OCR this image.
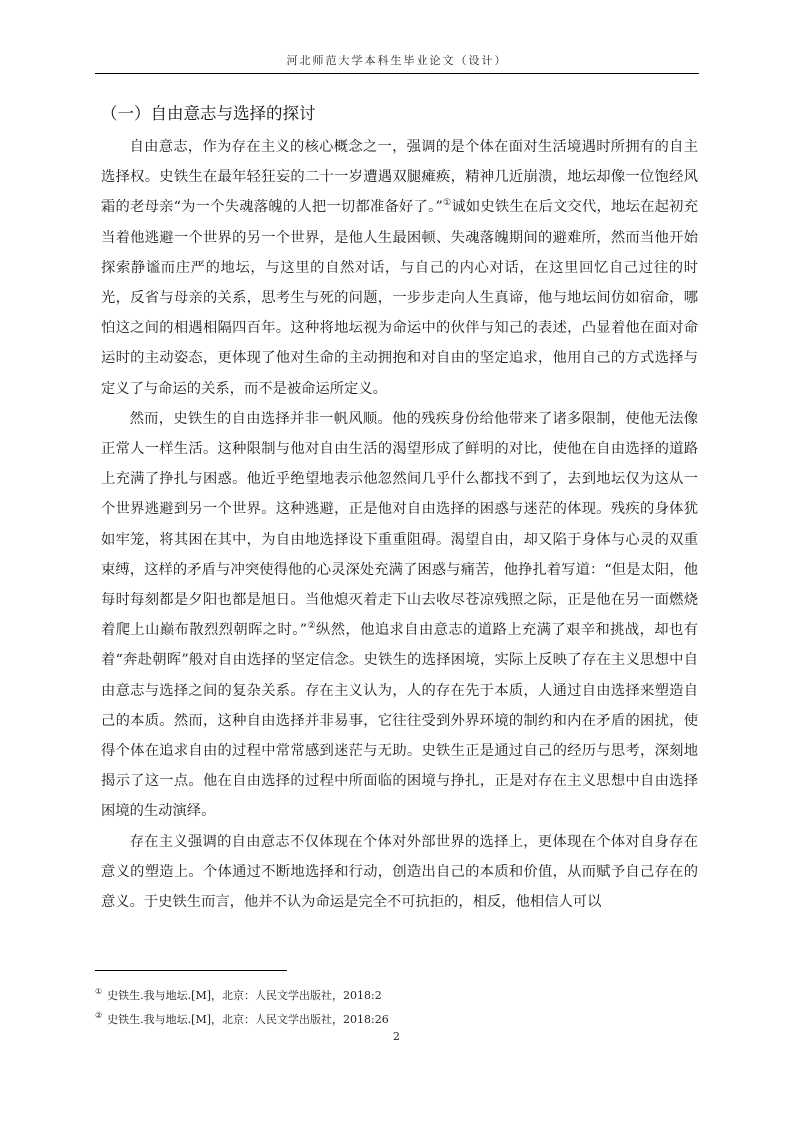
河北师范大学本科生毕业论文（设计）
（一）自由意志与选择的探讨

自由意志，作为存在主义的核心概念之一，强调的是个体在面对生活境遇时所拥有的自主选择权。史铁生在最年轻狂妄的二十一岁遭遇双腿瘫痪，精神几近崩溃，地坛却像一位饱经风霜的老母亲“为一个失魂落魄的人把一切都准备好了。”①诚如史铁生在后文交代，地坛在起初充当着他逃避一个世界的另一个世界，是他人生最困顿、失魂落魄期间的避难所，然而当他开始探索静谧而庄严的地坛，与这里的自然对话，与自己的内心对话，在这里回忆自己过往的时光，反省与母亲的关系，思考生与死的问题，一步步走向人生真谛，他与地坛间仿如宿命，哪怕这之间的相遇相隔四百年。这种将地坛视为命运中的伙伴与知己的表述，凸显着他在面对命运时的主动姿态，更体现了他对生命的主动拥抱和对自由的坚定追求，他用自己的方式选择与定义了与命运的关系，而不是被命运所定义。

然而，史铁生的自由选择并非一帆风顺。他的残疾身份给他带来了诸多限制，使他无法像正常人一样生活。这种限制与他对自由生活的渴望形成了鲜明的对比，使他在自由选择的道路上充满了挣扎与困惑。他近乎绝望地表示他忽然间几乎什么都找不到了，去到地坛仅为这从一个世界逃避到另一个世界。这种逃避，正是他对自由选择的困惑与迷茫的体现。残疾的身体犹如牢笼，将其困在其中，为自由地选择设下重重阻碍。渴望自由，却又陷于身体与心灵的双重束缚，这样的矛盾与冲突使得他的心灵深处充满了困惑与痛苦，他挣扎着写道：“但是太阳，他每时每刻都是夕阳也都是旭日。当他熄灭着走下山去收尽苍凉残照之际，正是他在另一面燃烧着爬上山巅布散烈烈朝晖之时。”②纵然，他追求自由意志的道路上充满了艰辛和挑战，却也有着“奔赴朝晖”般对自由选择的坚定信念。史铁生的选择困境，实际上反映了存在主义思想中自由意志与选择之间的复杂关系。存在主义认为，人的存在先于本质，人通过自由选择来塑造自己的本质。然而，这种自由选择并非易事，它往往受到外界环境的制约和内在矛盾的困扰，使得个体在追求自由的过程中常常感到迷茫与无助。史铁生正是通过自己的经历与思考，深刻地揭示了这一点。他在自由选择的过程中所面临的困境与挣扎，正是对存在主义思想中自由选择困境的生动演绎。

存在主义强调的自由意志不仅体现在个体对外部世界的选择上，更体现在个体对自身存在意义的塑造上。个体通过不断地选择和行动，创造出自己的本质和价值，从而赋予自己存在的意义。于史铁生而言，他并不认为命运是完全不可抗拒的，相反，他相信人可以

① 史铁生.我与地坛.[M]，北京：人民文学出版社，2018:2
② 史铁生.我与地坛.[M]，北京：人民文学出版社，2018:26
2
